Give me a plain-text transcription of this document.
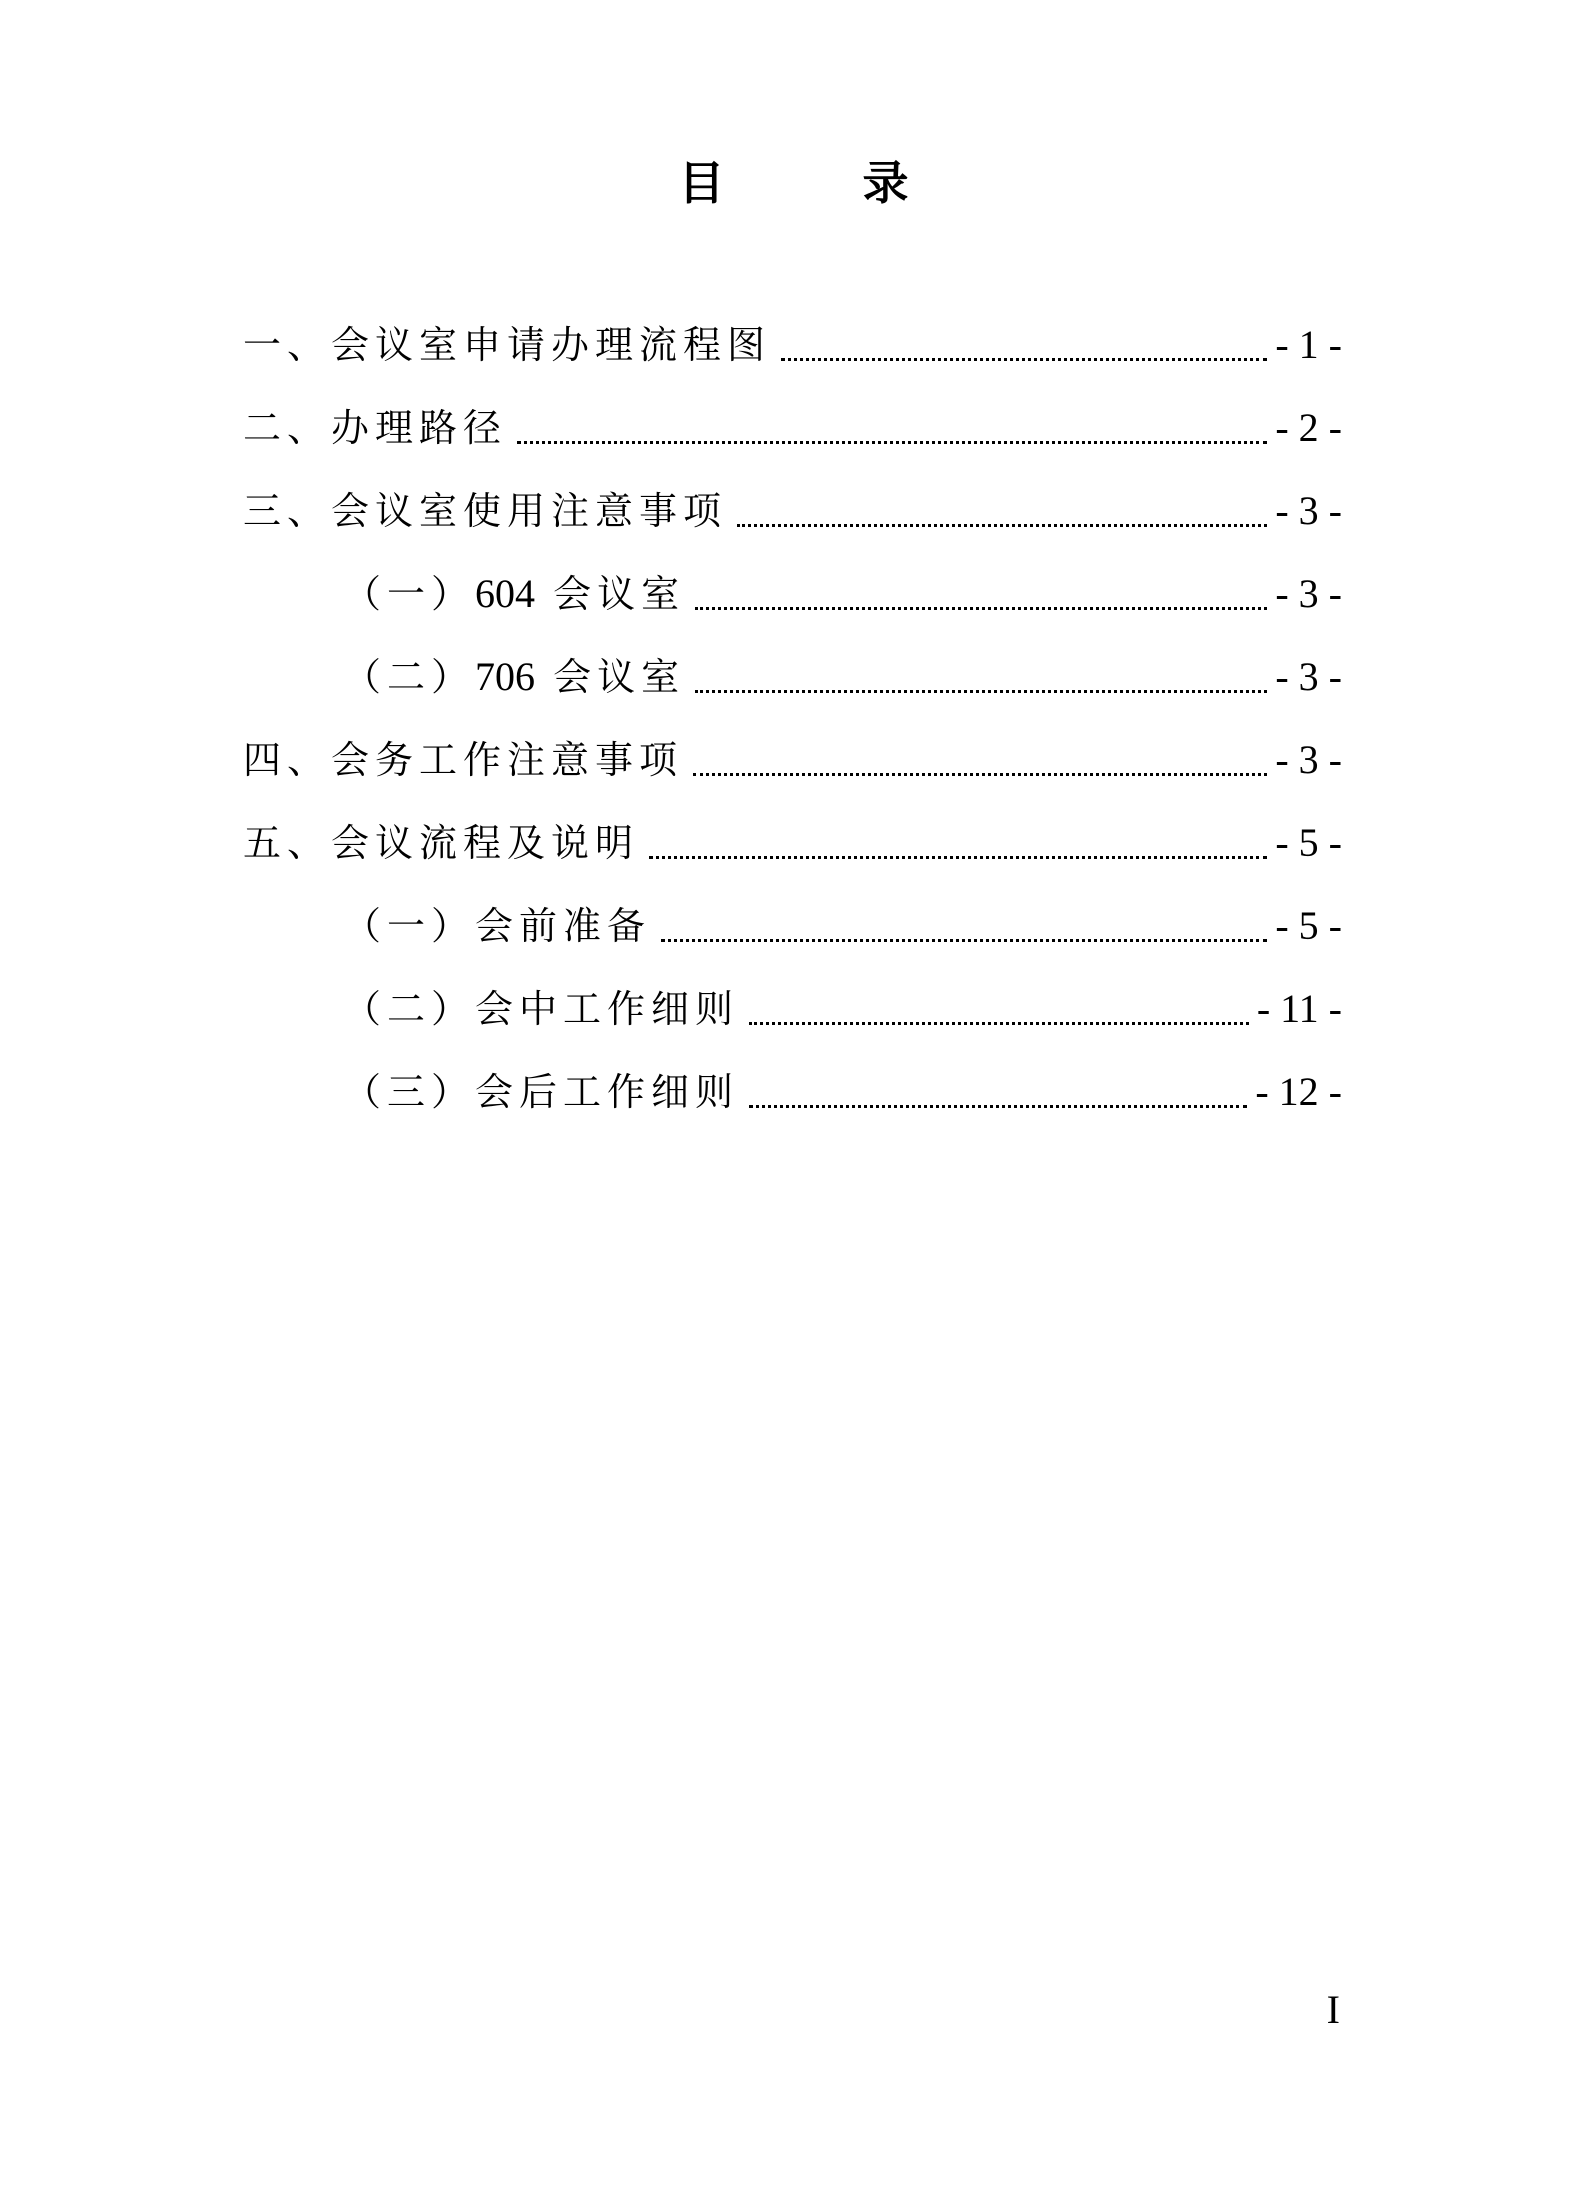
目　录
一、会议室申请办理流程图	- 1 -
二、办理路径	- 2 -
三、会议室使用注意事项	- 3 -
（一）604 会议室	- 3 -
（二）706 会议室	- 3 -
四、会务工作注意事项	- 3 -
五、会议流程及说明	- 5 -
（一）会前准备	- 5 -
（二）会中工作细则	- 11 -
（三）会后工作细则	- 12 -
I
